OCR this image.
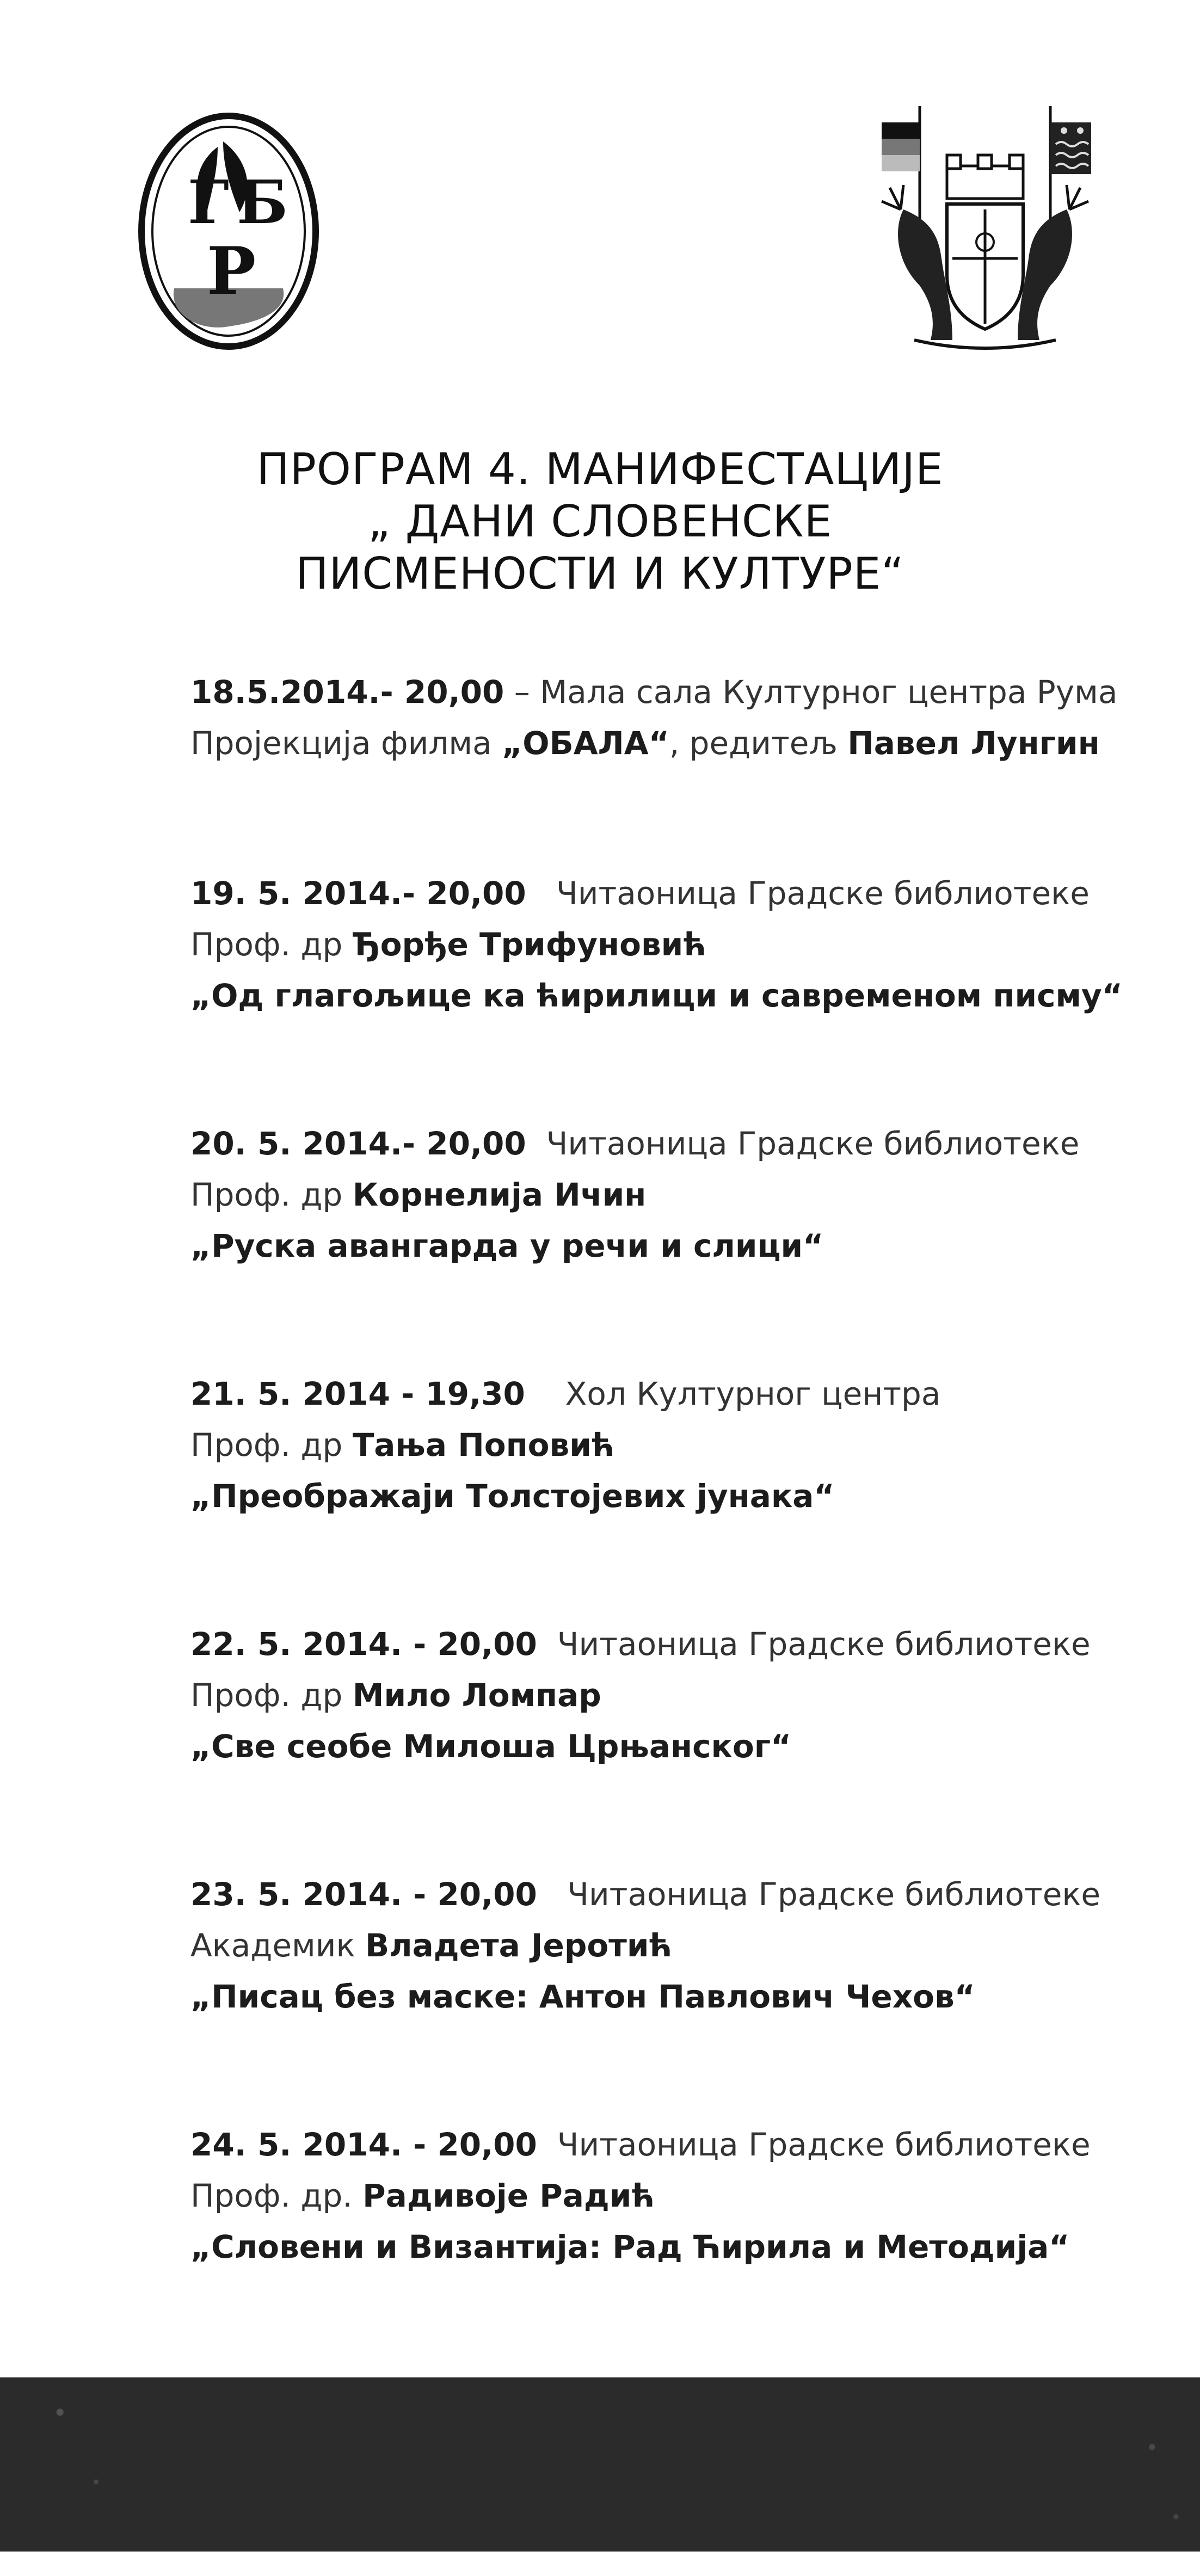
Г Б
Р
ПРОГРАМ 4. МАНИФЕСТАЦИЈЕ
„ ДАНИ СЛОВЕНСКЕ
ПИСМЕНОСТИ И КУЛТУРЕ“
18.5.2014.- 20,00 – Мала сала Културног центра Рума
Пројекција филма „ОБАЛА“, редитељ Павел Лунгин
19. 5. 2014.- 20,00 Читаоница Градске библиотеке
Проф. др Ђорђе Трифуновић
„Од глагољице ка ћирилици и савременом писму“
20. 5. 2014.- 20,00 Читаоница Градске библиотеке
Проф. др Корнелија Ичин
„Руска авангарда у речи и слици“
21. 5. 2014 - 19,30 Хол Културног центра
Проф. др Тања Поповић
„Преображаји Толстојевих јунака“
22. 5. 2014. - 20,00 Читаоница Градске библиотеке
Проф. др Мило Ломпар
„Све сеобе Милоша Црњанског“
23. 5. 2014. - 20,00 Читаоница Градске библиотеке
Академик Владета Јеротић
„Писац без маске: Антон Павлович Чехов“
24. 5. 2014. - 20,00 Читаоница Градске библиотеке
Проф. др. Радивоје Радић
„Словени и Византија: Рад Ћирила и Методија“
